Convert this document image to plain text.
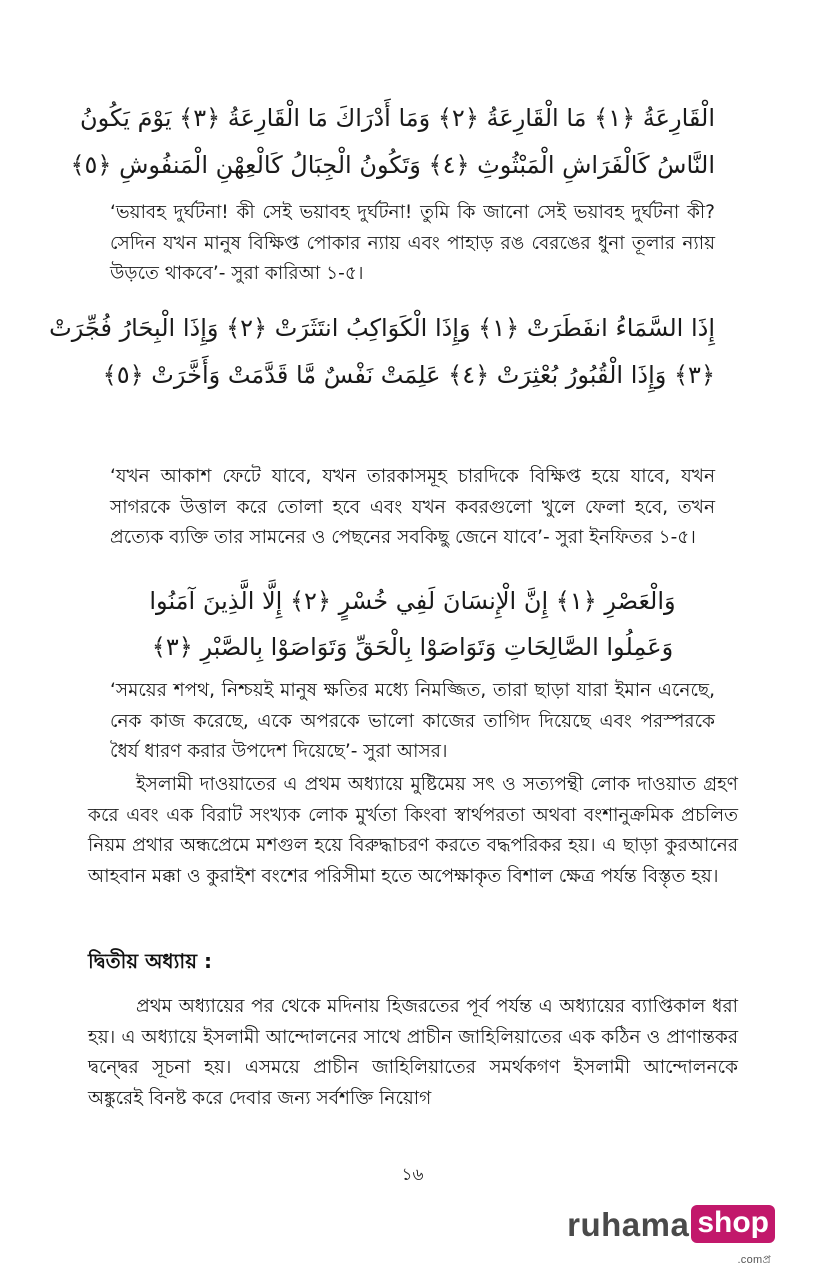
الْقَارِعَةُ ﴿١﴾ مَا الْقَارِعَةُ ﴿٢﴾ وَمَا أَدْرَاكَ مَا الْقَارِعَةُ ﴿٣﴾ يَوْمَ يَكُونُ
النَّاسُ كَالْفَرَاشِ الْمَبْثُوثِ ﴿٤﴾ وَتَكُونُ الْجِبَالُ كَالْعِهْنِ الْمَنفُوشِ ﴿٥﴾
‘ভয়াবহ দুর্ঘটনা! কী সেই ভয়াবহ দুর্ঘটনা! তুমি কি জানো সেই ভয়াবহ দুর্ঘটনা কী? সেদিন যখন মানুষ বিক্ষিপ্ত পোকার ন্যায় এবং পাহাড় রঙ বেরঙের ধুনা তূলার ন্যায় উড়তে থাকবে’- সুরা কারিআ ১-৫।
إِذَا السَّمَاءُ انفَطَرَتْ ﴿١﴾ وَإِذَا الْكَوَاكِبُ انتَثَرَتْ ﴿٢﴾ وَإِذَا الْبِحَارُ فُجِّرَتْ
﴿٣﴾ وَإِذَا الْقُبُورُ بُعْثِرَتْ ﴿٤﴾ عَلِمَتْ نَفْسٌ مَّا قَدَّمَتْ وَأَخَّرَتْ ﴿٥﴾
‘যখন আকাশ ফেটে যাবে, যখন তারকাসমূহ চারদিকে বিক্ষিপ্ত হয়ে যাবে, যখন সাগরকে উত্তাল করে তোলা হবে এবং যখন কবরগুলো খুলে ফেলা হবে, তখন প্রত্যেক ব্যক্তি তার সামনের ও পেছনের সবকিছু জেনে যাবে’- সুরা ইনফিতর ১-৫।
وَالْعَصْرِ ﴿١﴾ إِنَّ الْإِنسَانَ لَفِي خُسْرٍ ﴿٢﴾ إِلَّا الَّذِينَ آمَنُوا
وَعَمِلُوا الصَّالِحَاتِ وَتَوَاصَوْا بِالْحَقِّ وَتَوَاصَوْا بِالصَّبْرِ ﴿٣﴾
‘সময়ের শপথ, নিশ্চয়ই মানুষ ক্ষতির মধ্যে নিমজ্জিত, তারা ছাড়া যারা ইমান এনেছে, নেক কাজ করেছে, একে অপরকে ভালো কাজের তাগিদ দিয়েছে এবং পরস্পরকে ধৈর্য ধারণ করার উপদেশ দিয়েছে’- সুরা আসর।
ইসলামী দাওয়াতের এ প্রথম অধ্যায়ে মুষ্টিমেয় সৎ ও সত্যপন্থী লোক দাওয়াত গ্রহণ করে এবং এক বিরাট সংখ্যক লোক মুর্খতা কিংবা স্বার্থপরতা অথবা বংশানুক্রমিক প্রচলিত নিয়ম প্রথার অন্ধপ্রেমে মশগুল হয়ে বিরুদ্ধাচরণ করতে বদ্ধপরিকর হয়। এ ছাড়া কুরআনের আহবান মক্কা ও কুরাইশ বংশের পরিসীমা হতে অপেক্ষাকৃত বিশাল ক্ষেত্র পর্যন্ত বিস্তৃত হয়।
দ্বিতীয় অধ্যায় :
প্রথম অধ্যায়ের পর থেকে মদিনায় হিজরতের পূর্ব পর্যন্ত এ অধ্যায়ের ব্যাপ্তিকাল ধরা হয়। এ অধ্যায়ে ইসলামী আন্দোলনের সাথে প্রাচীন জাহিলিয়াতের এক কঠিন ও প্রাণান্তকর দ্বন্দ্বের সূচনা হয়। এসময়ে প্রাচীন জাহিলিয়াতের সমর্থকগণ ইসলামী আন্দোলনকে অঙ্কুরেই বিনষ্ট করে দেবার জন্য সর্বশক্তি নিয়োগ
১৬
ruhama shop
.comপ্র
